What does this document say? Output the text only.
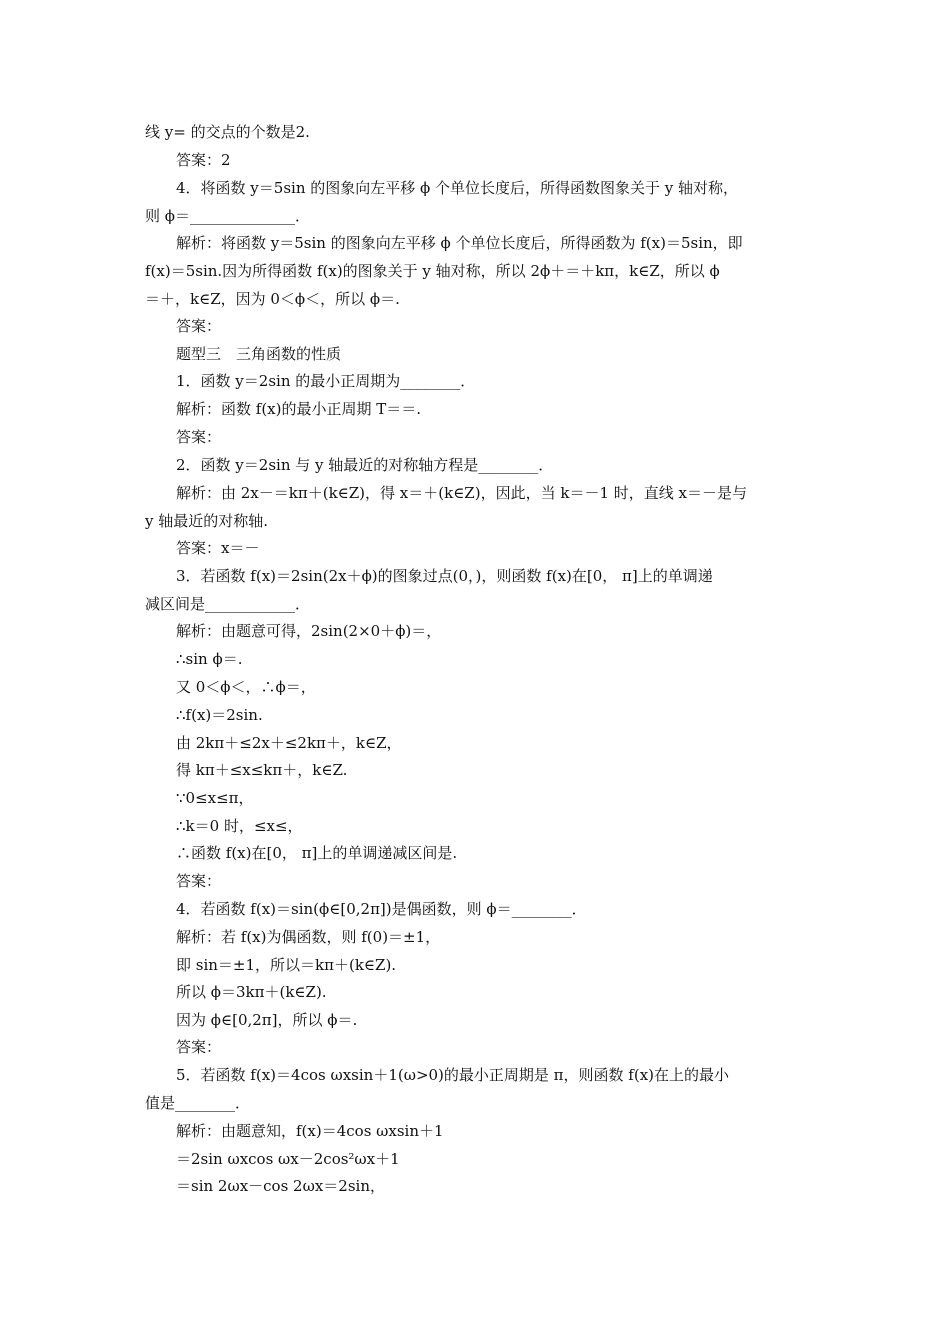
线 y= 的交点的个数是2.
答案：2
4．将函数 y＝5sin 的图象向左平移 ϕ 个单位长度后，所得函数图象关于 y 轴对称，
则 ϕ＝______________．
解析：将函数 y＝5sin 的图象向左平移 ϕ 个单位长度后，所得函数为 f(x)＝5sin，即
f(x)＝5sin.因为所得函数 f(x)的图象关于 y 轴对称，所以 2ϕ＋＝＋kπ，k∈Z，所以 ϕ
＝＋，k∈Z，因为 0＜ϕ＜，所以 ϕ＝.
答案：
题型三　三角函数的性质
1．函数 y＝2sin 的最小正周期为________．
解析：函数 f(x)的最小正周期 T＝＝.
答案：
2．函数 y＝2sin 与 y 轴最近的对称轴方程是________．
解析：由 2x－＝kπ＋(k∈Z)，得 x＝＋(k∈Z)，因此，当 k＝－1 时，直线 x＝－是与
y 轴最近的对称轴.
答案：x＝－
3．若函数 f(x)＝2sin(2x＋ϕ)的图象过点(0，)，则函数 f(x)在[0， π]上的单调递
减区间是____________．
解析：由题意可得，2sin(2×0＋ϕ)＝，
∴sin ϕ＝.
又 0＜ϕ＜，∴ϕ＝，
∴f(x)＝2sin.
由 2kπ＋≤2x＋≤2kπ＋，k∈Z，
得 kπ＋≤x≤kπ＋，k∈Z.
∵0≤x≤π，
∴k＝0 时，≤x≤，
∴函数 f(x)在[0， π]上的单调递减区间是.
答案：
4．若函数 f(x)＝sin(ϕ∈[0,2π])是偶函数，则 ϕ＝________．
解析：若 f(x)为偶函数，则 f(0)＝±1，
即 sin＝±1，所以＝kπ＋(k∈Z).
所以 ϕ＝3kπ＋(k∈Z).
因为 ϕ∈[0,2π]，所以 ϕ＝.
答案：
5．若函数 f(x)＝4cos ωxsin＋1(ω>0)的最小正周期是 π，则函数 f(x)在上的最小
值是________．
解析：由题意知，f(x)＝4cos ωxsin＋1
＝2sin ωxcos ωx－2cos²ωx＋1
＝sin 2ωx－cos 2ωx＝2sin，
